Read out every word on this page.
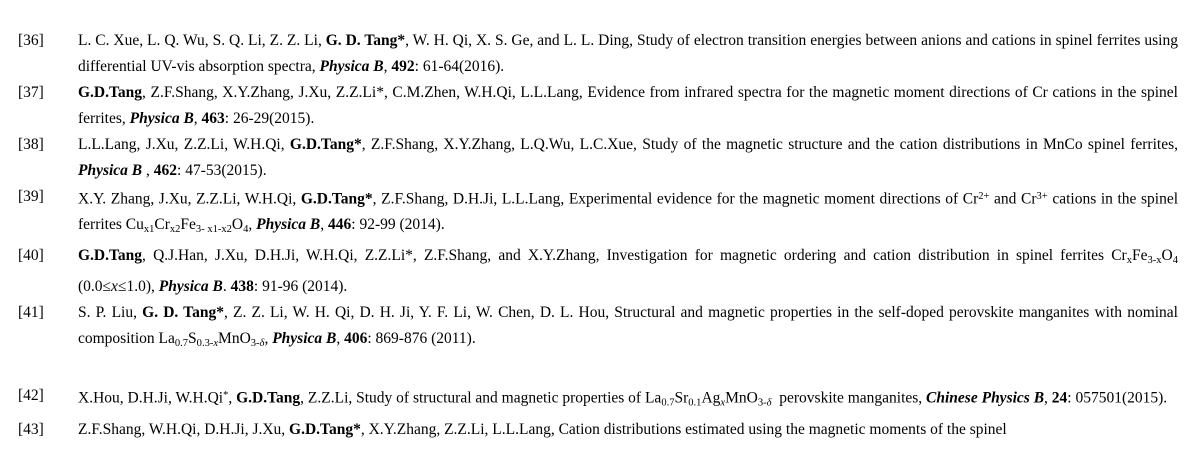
[36]	L. C. Xue, L. Q. Wu, S. Q. Li, Z. Z. Li, G. D. Tang*, W. H. Qi, X. S. Ge, and L. L. Ding, Study of electron transition energies between anions and cations in spinel ferrites using differential UV-vis absorption spectra, Physica B, 492: 61-64(2016).
[37]	G.D.Tang, Z.F.Shang, X.Y.Zhang, J.Xu, Z.Z.Li*, C.M.Zhen, W.H.Qi, L.L.Lang, Evidence from infrared spectra for the magnetic moment directions of Cr cations in the spinel ferrites, Physica B, 463: 26-29(2015).
[38]	L.L.Lang, J.Xu, Z.Z.Li, W.H.Qi, G.D.Tang*, Z.F.Shang, X.Y.Zhang, L.Q.Wu, L.C.Xue, Study of the magnetic structure and the cation distributions in MnCo spinel ferrites, Physica B , 462: 47-53(2015).
[39]	X.Y. Zhang, J.Xu, Z.Z.Li, W.H.Qi, G.D.Tang*, Z.F.Shang, D.H.Ji, L.L.Lang, Experimental evidence for the magnetic moment directions of $Cr^{2+}$ and $Cr^{3+}$ cations in the spinel ferrites $Cu_{x1}Cr_{x2}Fe_{3- x1-x2}O_4$, Physica B, 446: 92-99 (2014).
[40]	G.D.Tang, Q.J.Han, J.Xu, D.H.Ji, W.H.Qi, Z.Z.Li*, Z.F.Shang, and X.Y.Zhang, Investigation for magnetic ordering and cation distribution in spinel ferrites $Cr_xFe_{3-x}O_4$ (0.0≤x≤1.0), Physica B. 438: 91-96 (2014).
[41]	S. P. Liu, G. D. Tang*, Z. Z. Li, W. H. Qi, D. H. Ji, Y. F. Li, W. Chen, D. L. Hou, Structural and magnetic properties in the self-doped perovskite manganites with nominal composition $La_{0.7}S_{0.3-x}MnO_{3-\delta}$, Physica B, 406: 869-876 (2011).
[42]	X.Hou, D.H.Ji, W.H.Qi*, G.D.Tang, Z.Z.Li, Study of structural and magnetic properties of $La_{0.7}Sr_{0.1}Ag_xMnO_{3-\delta}$  perovskite manganites, Chinese Physics B, 24: 057501(2015).
[43]	Z.F.Shang, W.H.Qi, D.H.Ji, J.Xu, G.D.Tang*, X.Y.Zhang, Z.Z.Li, L.L.Lang, Cation distributions estimated using the magnetic moments of the spinel
